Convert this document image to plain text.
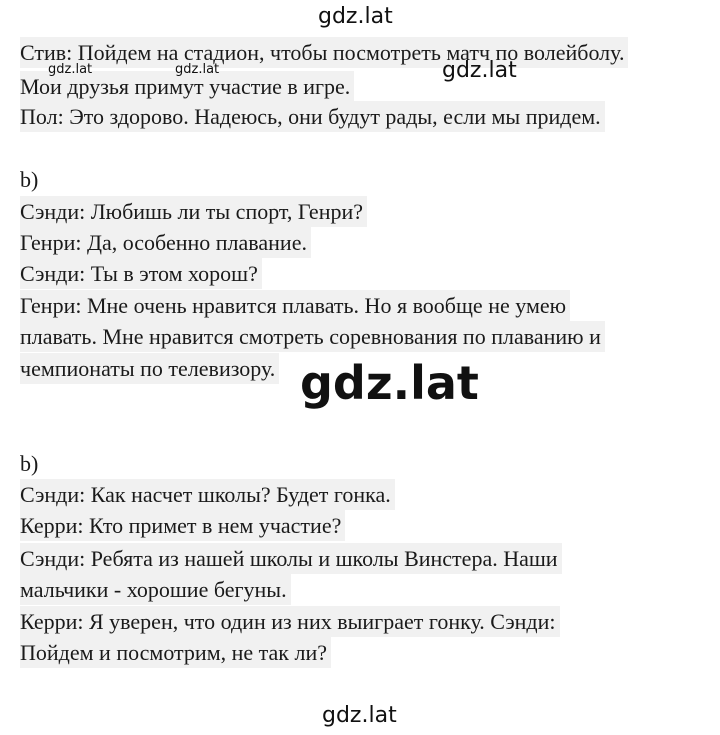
Стив: Пойдем на стадион, чтобы посмотреть матч по волейболу.
Мои друзья примут участие в игре.
Пол: Это здорово. Надеюсь, они будут рады, если мы придем.
b)
Сэнди: Любишь ли ты спорт, Генри?
Генри: Да, особенно плавание.
Сэнди: Ты в этом хорош?
Генри: Мне очень нравится плавать. Но я вообще не умею
плавать. Мне нравится смотреть соревнования по плаванию и
чемпионаты по телевизору.
b)
Сэнди: Как насчет школы? Будет гонка.
Керри: Кто примет в нем участие?
Сэнди: Ребята из нашей школы и школы Винстера. Наши
мальчики - хорошие бегуны.
Керри: Я уверен, что один из них выиграет гонку. Сэнди:
Пойдем и посмотрим, не так ли?
gdz.lat
gdz.lat	gdz.lat	gdz.lat
gdz.lat
gdz.lat
